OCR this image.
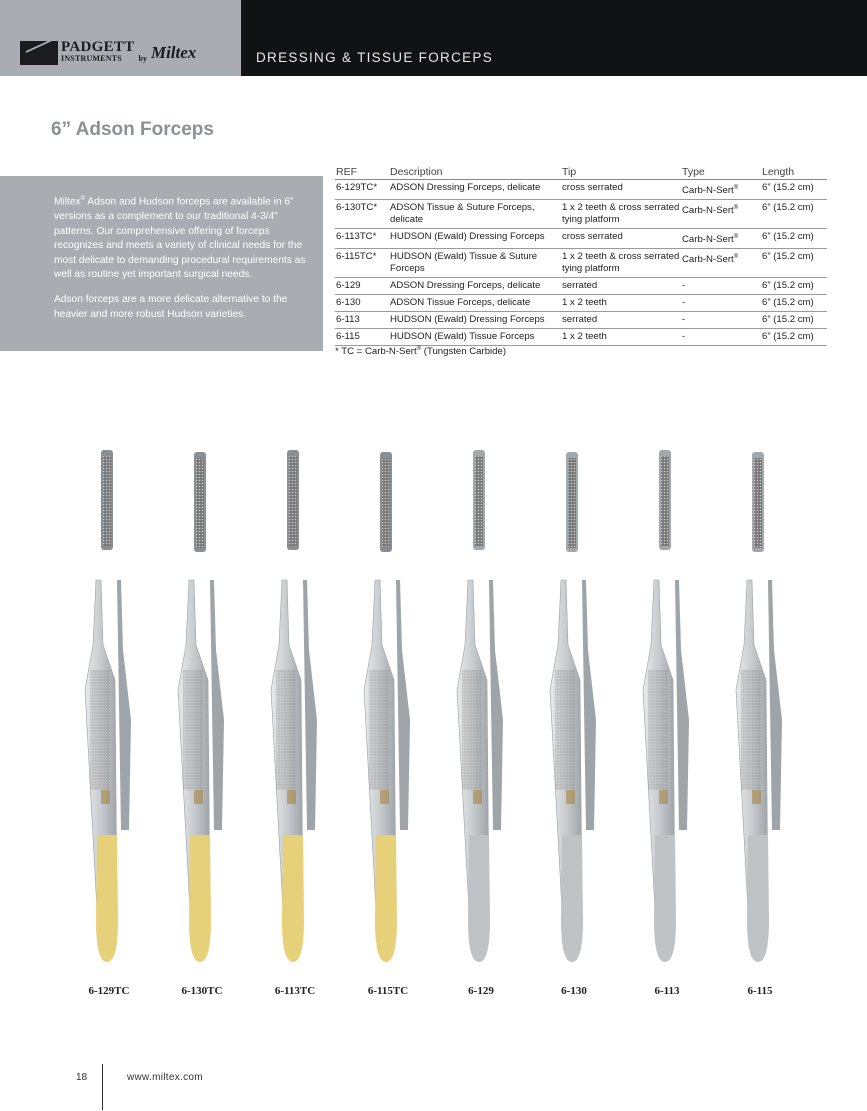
PADGETT
INSTRUMENTS	by Miltex	DRESSING & TISSUE FORCEPS
6” Adson Forceps

Miltex® Adson and Hudson forceps are available in 6” versions as a complement to our traditional 4-3/4” patterns. Our comprehensive offering of forceps recognizes and meets a variety of clinical needs for the most delicate to demanding procedural requirements as well as routine yet important surgical needs.

Adson forceps are a more delicate alternative to the heavier and more robust Hudson varieties.

REF	Description	Tip	Type	Length
6-129TC*	ADSON Dressing Forceps, delicate	cross serrated	Carb-N-Sert®	6” (15.2 cm)
6-130TC*	ADSON Tissue & Suture Forceps, delicate	1 x 2 teeth & cross serrated tying platform	Carb-N-Sert®	6” (15.2 cm)
6-113TC*	HUDSON (Ewald) Dressing Forceps	cross serrated	Carb-N-Sert®	6” (15.2 cm)
6-115TC*	HUDSON (Ewald) Tissue & Suture Forceps	1 x 2 teeth & cross serrated tying platform	Carb-N-Sert®	6” (15.2 cm)
6-129	ADSON Dressing Forceps, delicate	serrated	-	6” (15.2 cm)
6-130	ADSON Tissue Forceps, delicate	1 x 2 teeth	-	6” (15.2 cm)
6-113	HUDSON (Ewald) Dressing Forceps	serrated	-	6” (15.2 cm)
6-115	HUDSON (Ewald) Tissue Forceps	1 x 2 teeth	-	6” (15.2 cm)
* TC = Carb-N-Sert® (Tungsten Carbide)
6-129TC	6-130TC	6-113TC	6-115TC	6-129	6-130	6-113	6-115
18	www.miltex.com
